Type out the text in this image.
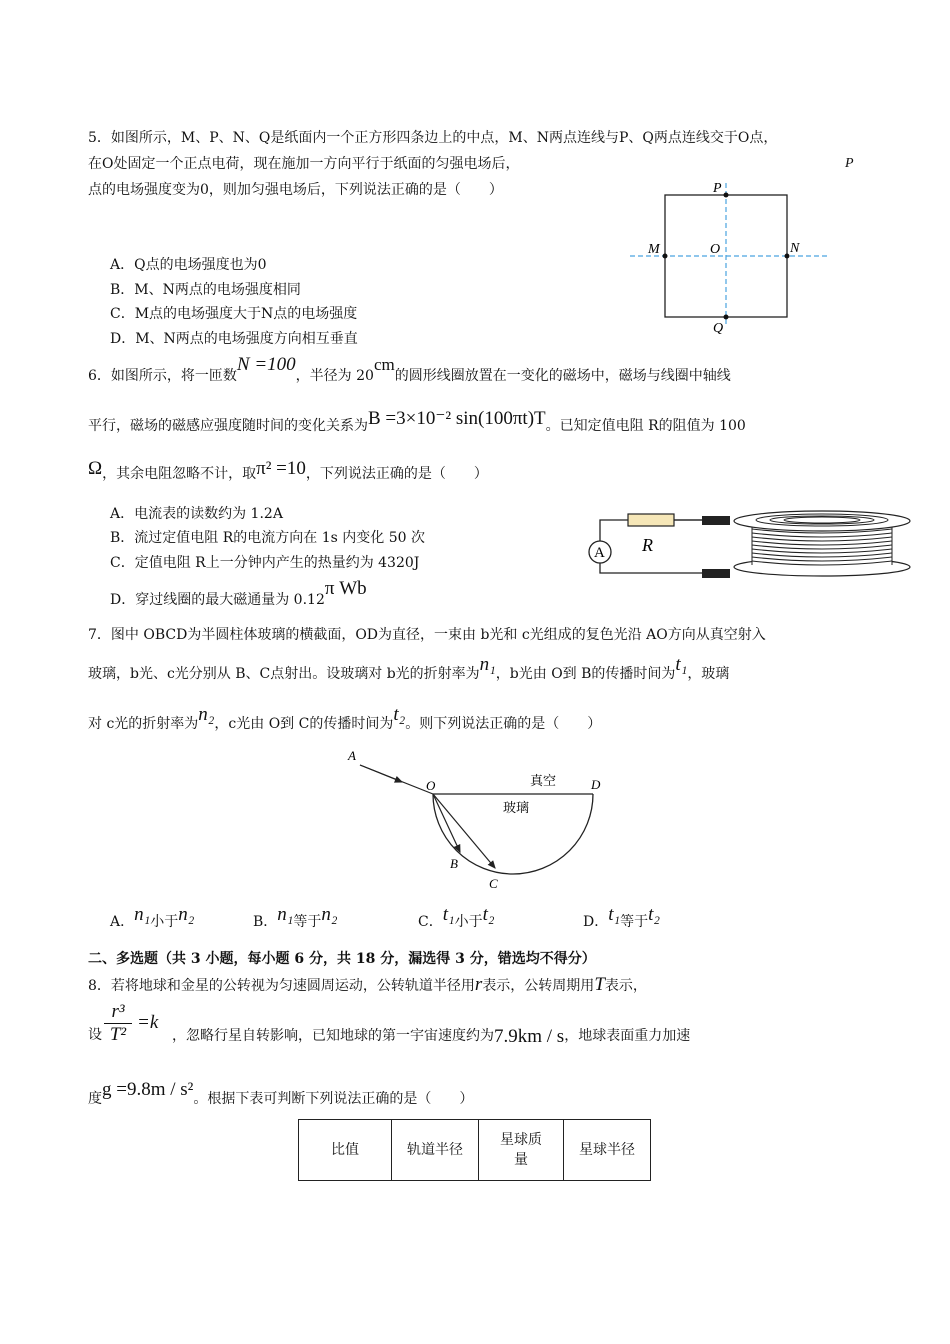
5．如图所示，M、P、N、Q是纸面内一个正方形四条边上的中点，M、N两点连线与P、Q两点连线交于O点，
在O处固定一个正点电荷，现在施加一方向平行于纸面的匀强电场后，	P
点的电场强度变为0，则加匀强电场后，下列说法正确的是（　　）
A．Q点的电场强度也为0
B．M、N两点的电场强度相同
C．M点的电场强度大于N点的电场强度
D．M、N两点的电场强度方向相互垂直
P
M	O	N
Q
6．如图所示，将一匝数N =100，半径为 20cm的圆形线圈放置在一变化的磁场中，磁场与线圈中轴线
平行，磁场的磁感应强度随时间的变化关系为B =3×10⁻² sin(100πt)T。已知定值电阻 R的阻值为 100
Ω，其余电阻忽略不计，取π² =10，下列说法正确的是（　　）
A．电流表的读数约为 1.2A
B．流过定值电阻 R的电流方向在 1s 内变化 50 次
C．定值电阻 R上一分钟内产生的热量约为 4320J
D．穿过线圈的最大磁通量为 0.12π Wb
A R
7．图中 OBCD为半圆柱体玻璃的横截面，OD为直径，一束由 b光和 c光组成的复色光沿 AO方向从真空射入
玻璃，b光、c光分别从 B、C点射出。设玻璃对 b光的折射率为n₁，b光由 O到 B的传播时间为t₁，玻璃
对 c光的折射率为n₂，c光由 O到 C的传播时间为t₂。则下列说法正确的是（　　）
A
O	D
B
C
真空
玻璃
A．n₁小于n₂	B．n₁等于n₂	C．t₁小于t₂	D．t₁等于t₂
二、多选题（共 3 小题，每小题 6 分，共 18 分，漏选得 3 分，错选均不得分）
8．若将地球和金星的公转视为匀速圆周运动，公转轨道半径用r表示，公转周期用T表示，
设
r³
T²
=k
，忽略行星自转影响，已知地球的第一宇宙速度约为7.9km / s，地球表面重力加速
度g =9.8m / s²。根据下表可判断下列说法正确的是（　　）
比值	轨道半径	星球质量	星球半径
